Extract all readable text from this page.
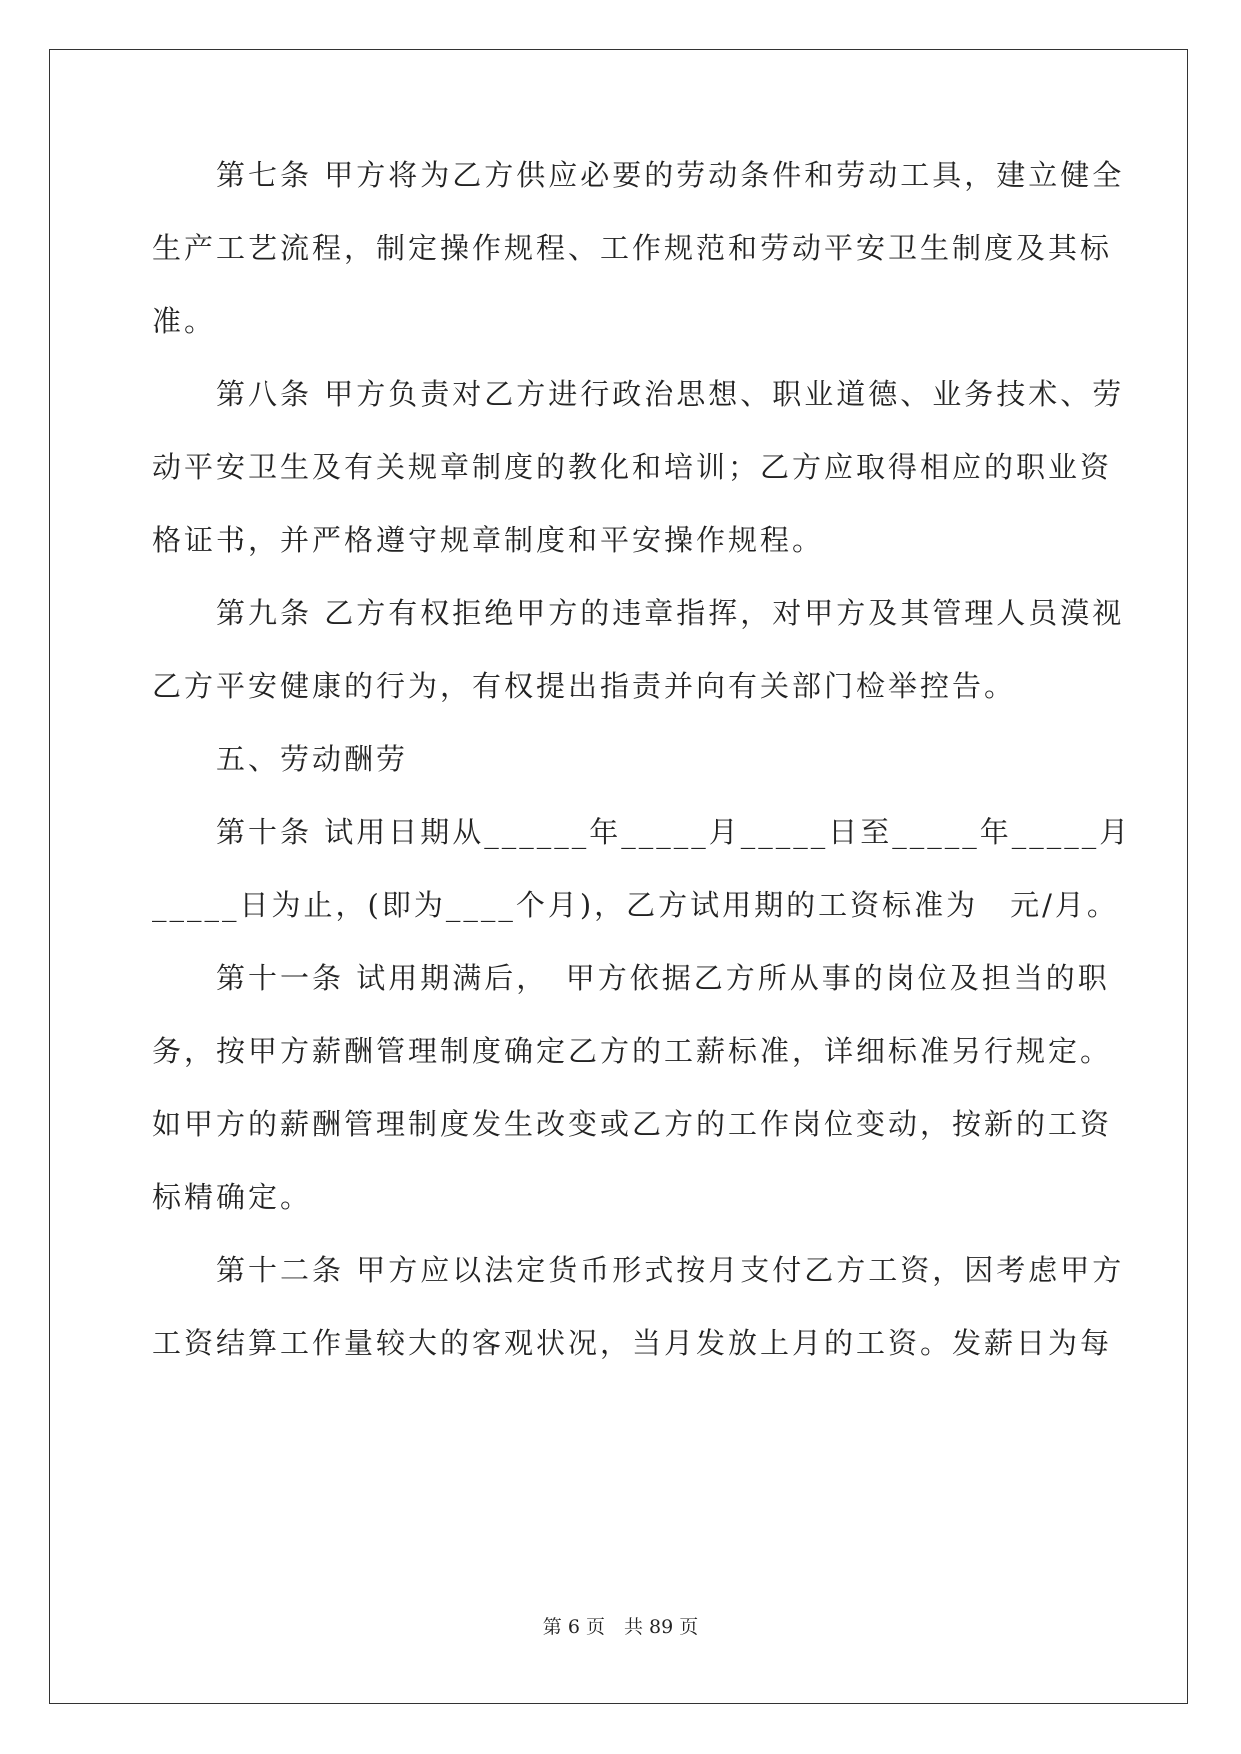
　　第七条 甲方将为乙方供应必要的劳动条件和劳动工具，建立健全
生产工艺流程，制定操作规程、工作规范和劳动平安卫生制度及其标
准。
　　第八条 甲方负责对乙方进行政治思想、职业道德、业务技术、劳
动平安卫生及有关规章制度的教化和培训；乙方应取得相应的职业资
格证书，并严格遵守规章制度和平安操作规程。
　　第九条 乙方有权拒绝甲方的违章指挥，对甲方及其管理人员漠视
乙方平安健康的行为，有权提出指责并向有关部门检举控告。
　　五、劳动酬劳
　　第十条 试用日期从______年_____月_____日至_____年_____月
_____日为止，(即为____个月)，乙方试用期的工资标准为　元/月。
　　第十一条 试用期满后，　甲方依据乙方所从事的岗位及担当的职
务，按甲方薪酬管理制度确定乙方的工薪标准，详细标准另行规定。
如甲方的薪酬管理制度发生改变或乙方的工作岗位变动，按新的工资
标精确定。
　　第十二条 甲方应以法定货币形式按月支付乙方工资，因考虑甲方
工资结算工作量较大的客观状况，当月发放上月的工资。发薪日为每
第 6 页　共 89 页
